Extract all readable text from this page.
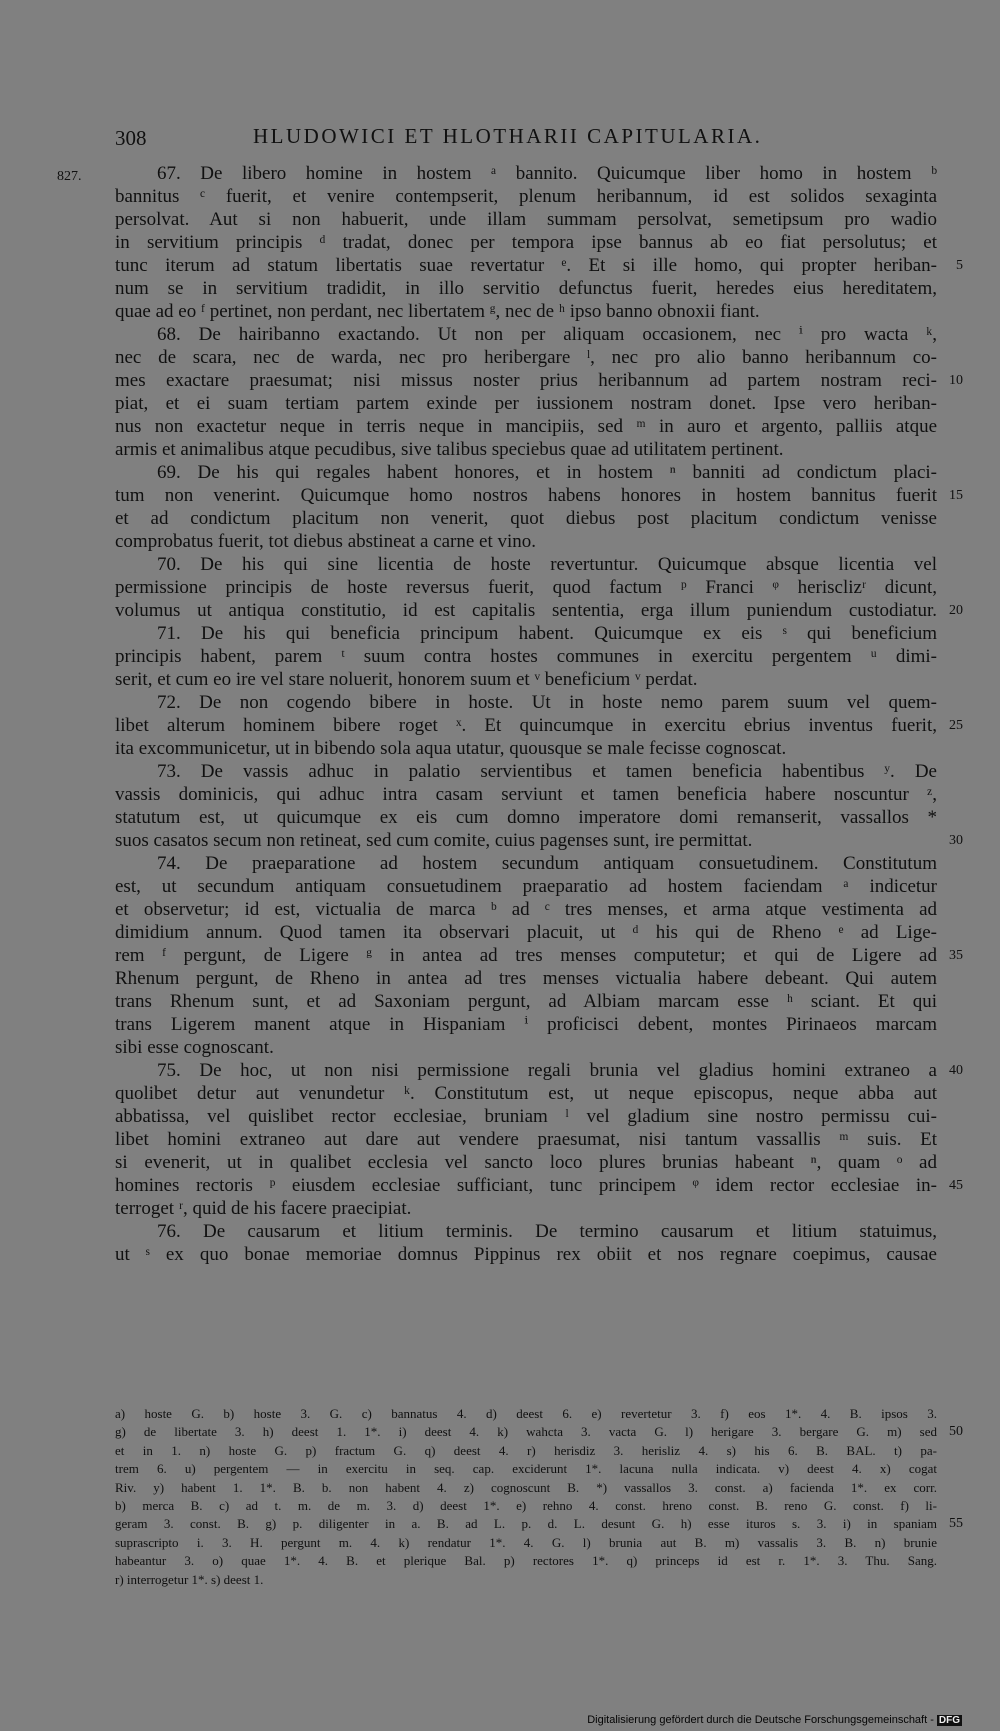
308	HLUDOWICI ET HLOTHARII CAPITULARIA.
827.	67. De libero homine in hostem ᵃ bannito. Quicumque liber homo in hostem ᵇ
bannitus ᶜ fuerit, et venire contempserit, plenum heribannum, id est solidos sexaginta
persolvat. Aut si non habuerit, unde illam summam persolvat, semetipsum pro wadio
in servitium principis ᵈ tradat, donec per tempora ipse bannus ab eo fiat persolutus; et
tunc iterum ad statum libertatis suae revertatur ᵉ. Et si ille homo, qui propter heriban- 5
num se in servitium tradidit, in illo servitio defunctus fuerit, heredes eius hereditatem,
quae ad eo ᶠ pertinet, non perdant, nec libertatem ᵍ, nec de ʰ ipso banno obnoxii fiant.
68. De hairibanno exactando. Ut non per aliquam occasionem, nec ⁱ pro wacta ᵏ,
nec de scara, nec de warda, nec pro heribergare ˡ, nec pro alio banno heribannum co-
mes exactare praesumat; nisi missus noster prius heribannum ad partem nostram reci- 10
piat, et ei suam tertiam partem exinde per iussionem nostram donet. Ipse vero heriban-
nus non exactetur neque in terris neque in mancipiis, sed ᵐ in auro et argento, palliis atque
armis et animalibus atque pecudibus, sive talibus speciebus quae ad utilitatem pertinent.
69. De his qui regales habent honores, et in hostem ⁿ banniti ad condictum placi-
tum non venerint. Quicumque homo nostros habens honores in hostem bannitus fuerit 15
et ad condictum placitum non venerit, quot diebus post placitum condictum venisse
comprobatus fuerit, tot diebus abstineat a carne et vino.
70. De his qui sine licentia de hoste revertuntur. Quicumque absque licentia vel
permissione principis de hoste reversus fuerit, quod factum ᵖ Franci ᵠ herisclizʳ dicunt,
volumus ut antiqua constitutio, id est capitalis sententia, erga illum puniendum custodiatur. 20
71. De his qui beneficia principum habent. Quicumque ex eis ˢ qui beneficium
principis habent, parem ᵗ suum contra hostes communes in exercitu pergentem ᵘ dimi-
serit, et cum eo ire vel stare noluerit, honorem suum et ᵛ beneficium ᵛ perdat.
72. De non cogendo bibere in hoste. Ut in hoste nemo parem suum vel quem-
libet alterum hominem bibere roget ˣ. Et quincumque in exercitu ebrius inventus fuerit, 25
ita excommunicetur, ut in bibendo sola aqua utatur, quousque se male fecisse cognoscat.
73. De vassis adhuc in palatio servientibus et tamen beneficia habentibus ʸ. De
vassis dominicis, qui adhuc intra casam serviunt et tamen beneficia habere noscuntur ᶻ,
statutum est, ut quicumque ex eis cum domno imperatore domi remanserit, vassallos *
suos casatos secum non retineat, sed cum comite, cuius pagenses sunt, ire permittat.	30
74. De praeparatione ad hostem secundum antiquam consuetudinem. Constitutum
est, ut secundum antiquam consuetudinem praeparatio ad hostem faciendam ᵃ indicetur
et observetur; id est, victualia de marca ᵇ ad ᶜ tres menses, et arma atque vestimenta ad
dimidium annum. Quod tamen ita observari placuit, ut ᵈ his qui de Rheno ᵉ ad Lige-
rem ᶠ pergunt, de Ligere ᵍ in antea ad tres menses computetur; et qui de Ligere ad 35
Rhenum pergunt, de Rheno in antea ad tres menses victualia habere debeant. Qui autem
trans Rhenum sunt, et ad Saxoniam pergunt, ad Albiam marcam esse ʰ sciant. Et qui
trans Ligerem manent atque in Hispaniam ⁱ proficisci debent, montes Pirinaeos marcam
sibi esse cognoscant.
75. De hoc, ut non nisi permissione regali brunia vel gladius homini extraneo a 40
quolibet detur aut venundetur ᵏ. Constitutum est, ut neque episcopus, neque abba aut
abbatissa, vel quislibet rector ecclesiae, bruniam ˡ vel gladium sine nostro permissu cui-
libet homini extraneo aut dare aut vendere praesumat, nisi tantum vassallis ᵐ suis. Et
si evenerit, ut in qualibet ecclesia vel sancto loco plures brunias habeant ⁿ, quam ᵒ ad
homines rectoris ᵖ eiusdem ecclesiae sufficiant, tunc principem ᵠ idem rector ecclesiae in- 45
terroget ʳ, quid de his facere praecipiat.
76. De causarum et litium terminis. De termino causarum et litium statuimus,
ut ˢ ex quo bonae memoriae domnus Pippinus rex obiit et nos regnare coepimus, causae
a) hoste G. b) hoste 3. G. c) bannatus 4. d) deest 6. e) revertetur 3. f) eos 1*. 4. B. ipsos 3.
g) de libertate 3. h) deest 1. 1*. i) deest 4. k) wahcta 3. vacta G. l) herigare 3. bergare G. m) sed 50
et in 1. n) hoste G. p) fractum G. q) deest 4. r) herisdiz 3. herisliz 4. s) his 6. B. BAL. t) pa-
trem 6. u) pergentem — in exercitu in seq. cap. exciderunt 1*. lacuna nulla indicata. v) deest 4. x) cogat
Riv. y) habent 1. 1*. B. b. non habent 4. z) cognoscunt B. *) vassallos 3. const. a) facienda 1*. ex corr.
b) merca B. c) ad t. m. de m. 3. d) deest 1*. e) rehno 4. const. hreno const. B. reno G. const. f) li-
geram 3. const. B. g) p. diligenter in a. B. ad L. p. d. L. desunt G. h) esse ituros s. 3. i) in spaniam 55
suprascripto i. 3. H. pergunt m. 4. k) rendatur 1*. 4. G. l) brunia aut B. m) vassalis 3. B. n) brunie
habeantur 3. o) quae 1*. 4. B. et plerique Bal. p) rectores 1*. q) princeps id est r. 1*. 3. Thu. Sang.
r) interrogetur 1*. s) deest 1.
Digitalisierung gefördert durch die Deutsche Forschungsgemeinschaft - DFG
